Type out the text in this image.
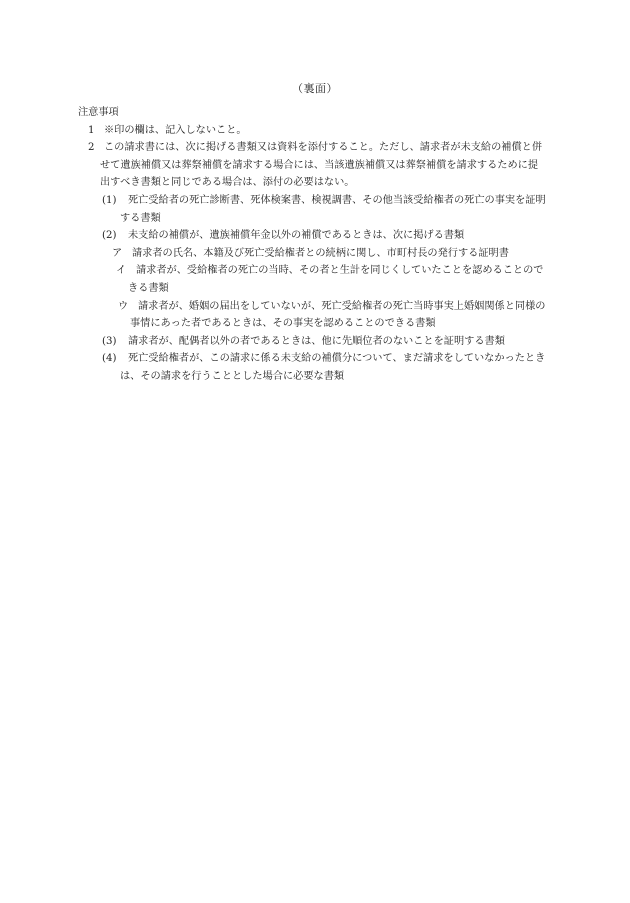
（裏面）
注意事項
1 ※印の欄は、記入しないこと。
2 この請求書には、次に掲げる書類又は資料を添付すること。ただし、請求者が未支給の補償と併せて遺族補償又は葬祭補償を請求する場合には、当該遺族補償又は葬祭補償を請求するために提出すべき書類と同じである場合は、添付の必要はない。
(1) 死亡受給者の死亡診断書、死体検案書、検視調書、その他当該受給権者の死亡の事実を証明する書類
(2) 未支給の補償が、遺族補償年金以外の補償であるときは、次に掲げる書類
ア 請求者の氏名、本籍及び死亡受給権者との続柄に関し、市町村長の発行する証明書
イ 請求者が、受給権者の死亡の当時、その者と生計を同じくしていたことを認めることのできる書類
ウ 請求者が、婚姻の届出をしていないが、死亡受給権者の死亡当時事実上婚姻関係と同様の事情にあった者であるときは、その事実を認めることのできる書類
(3) 請求者が、配偶者以外の者であるときは、他に先順位者のないことを証明する書類
(4) 死亡受給権者が、この請求に係る未支給の補償分について、まだ請求をしていなかったときは、その請求を行うこととした場合に必要な書類
